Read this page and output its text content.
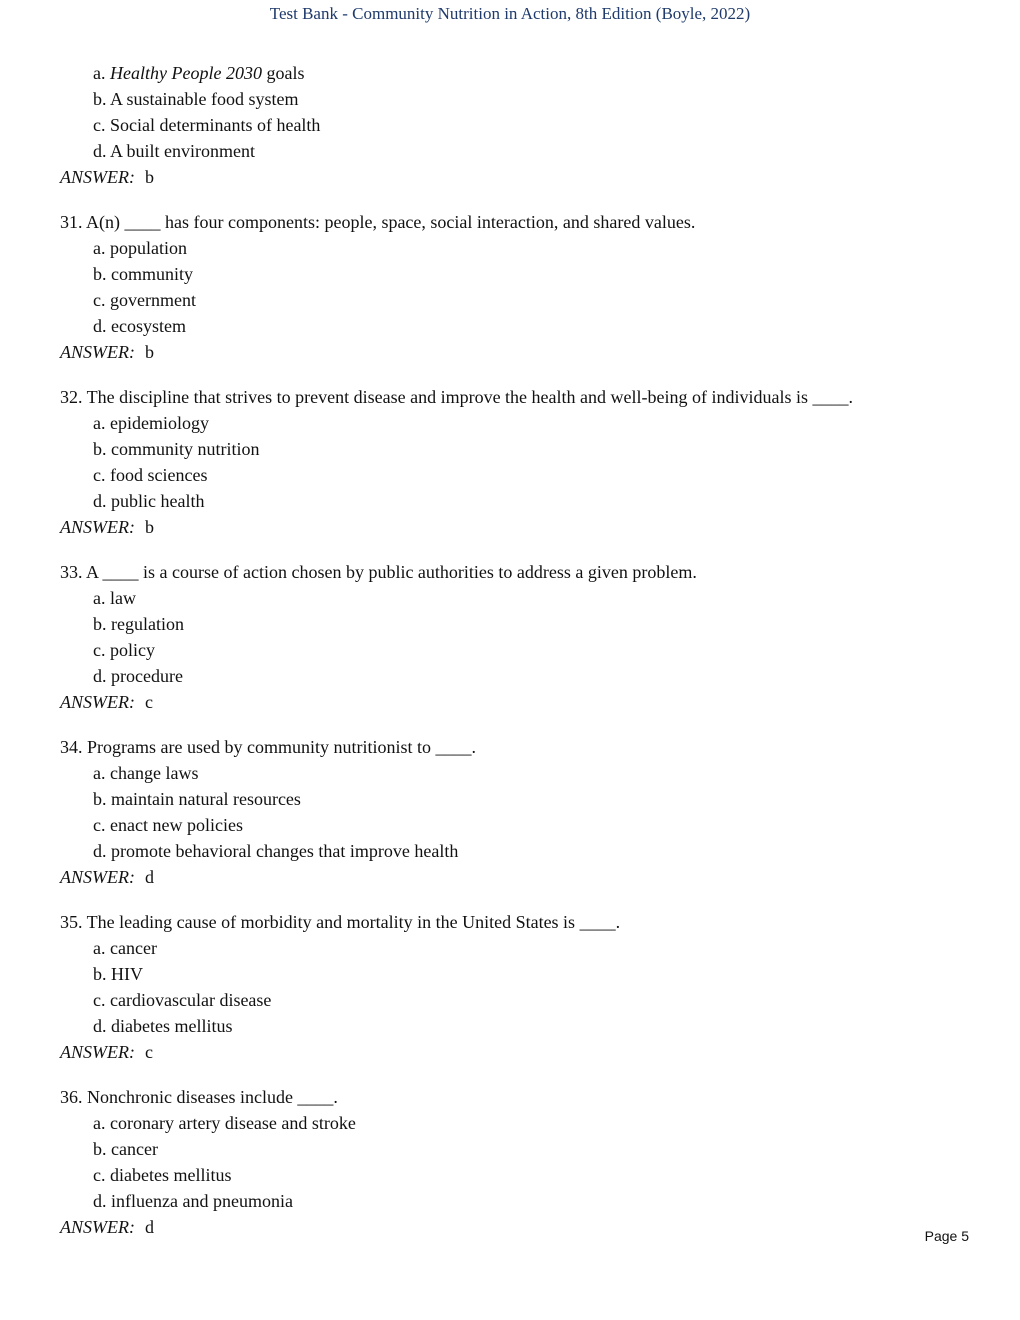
Test Bank - Community Nutrition in Action, 8th Edition (Boyle, 2022)
a. Healthy People 2030 goals
b. A sustainable food system
c. Social determinants of health
d. A built environment
ANSWER: b
31. A(n) ____ has four components: people, space, social interaction, and shared values.
a. population
b. community
c. government
d. ecosystem
ANSWER: b
32. The discipline that strives to prevent disease and improve the health and well-being of individuals is ____.
a. epidemiology
b. community nutrition
c. food sciences
d. public health
ANSWER: b
33. A ____ is a course of action chosen by public authorities to address a given problem.
a. law
b. regulation
c. policy
d. procedure
ANSWER: c
34. Programs are used by community nutritionist to ____.
a. change laws
b. maintain natural resources
c. enact new policies
d. promote behavioral changes that improve health
ANSWER: d
35. The leading cause of morbidity and mortality in the United States is ____.
a. cancer
b. HIV
c. cardiovascular disease
d. diabetes mellitus
ANSWER: c
36. Nonchronic diseases include ____.
a. coronary artery disease and stroke
b. cancer
c. diabetes mellitus
d. influenza and pneumonia
ANSWER: d	Page 5
